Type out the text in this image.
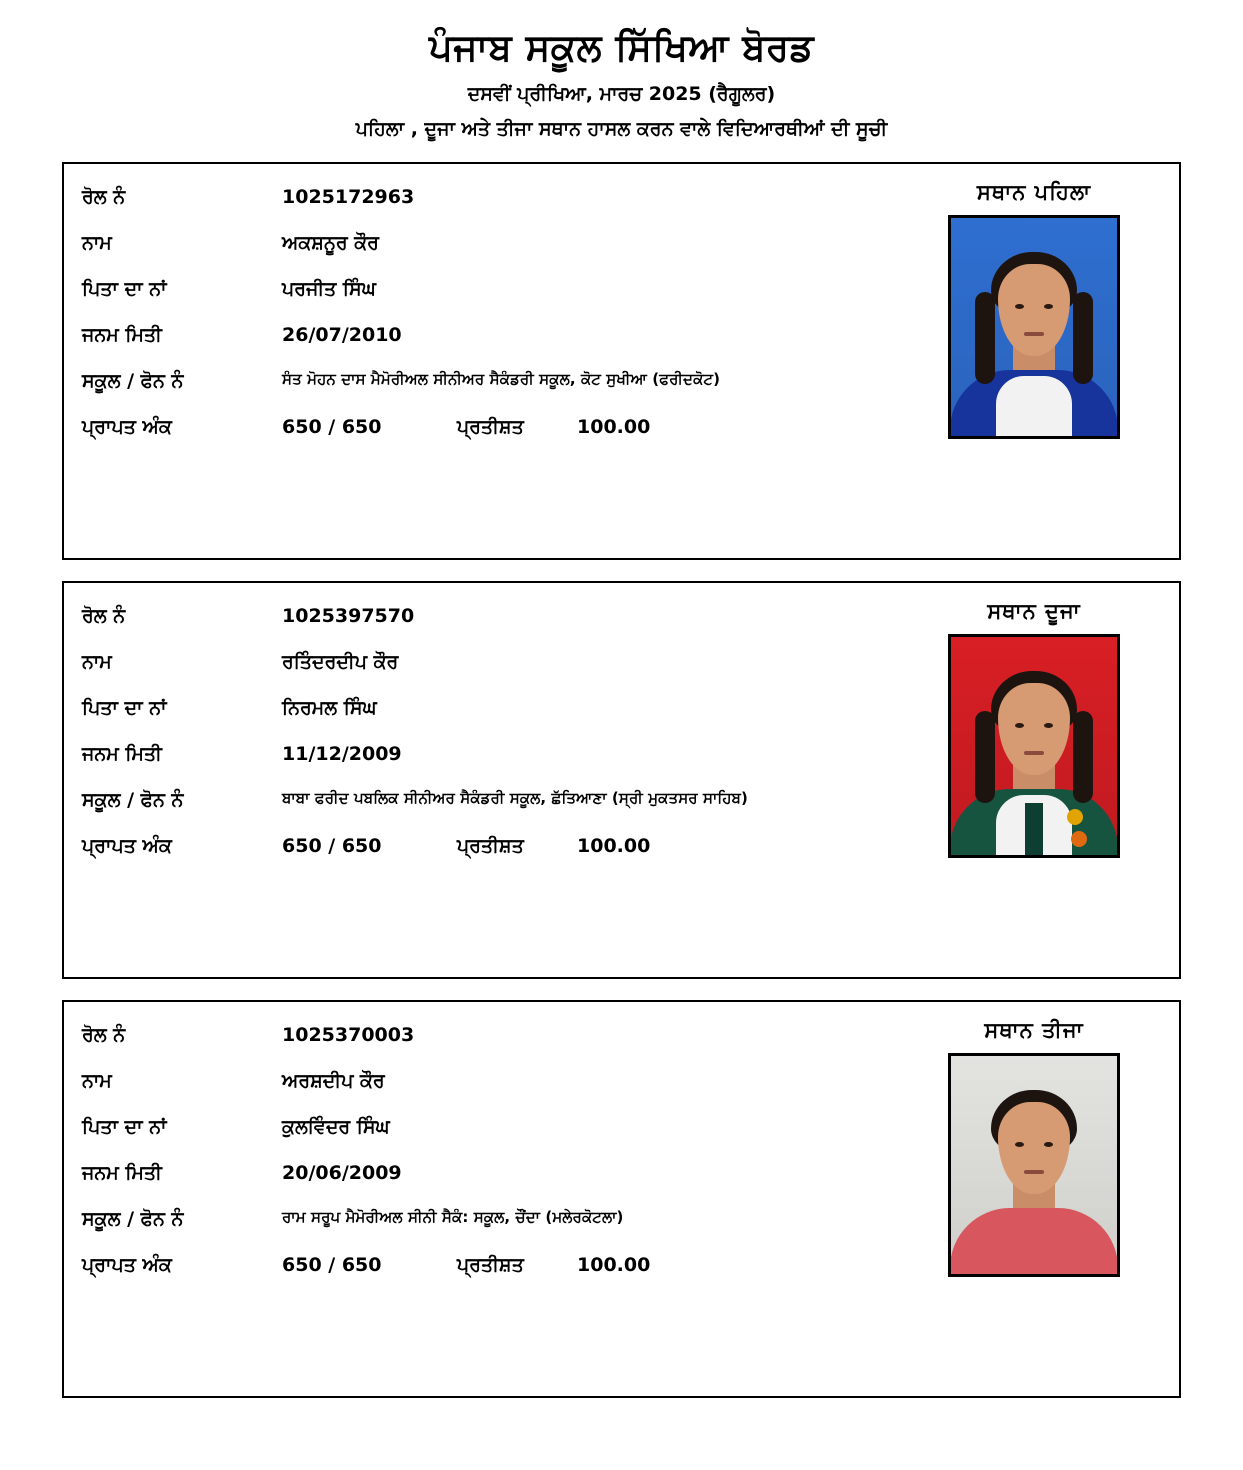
ਪੰਜਾਬ ਸਕੂਲ ਸਿੱਖਿਆ ਬੋਰਡ
ਦਸਵੀਂ ਪ੍ਰੀਖਿਆ, ਮਾਰਚ 2025 (ਰੈਗੂਲਰ)
ਪਹਿਲਾ , ਦੂਜਾ ਅਤੇ ਤੀਜਾ ਸਥਾਨ ਹਾਸਲ ਕਰਨ ਵਾਲੇ ਵਿਦਿਆਰਥੀਆਂ ਦੀ ਸੂਚੀ
ਰੋਲ ਨੰ	1025172963
ਨਾਮ	ਅਕਸ਼ਨੂਰ ਕੌਰ
ਪਿਤਾ ਦਾ ਨਾਂ	ਪਰਜੀਤ ਸਿੰਘ
ਜਨਮ ਮਿਤੀ	26/07/2010
ਸਕੂਲ / ਫੋਨ ਨੰ	ਸੰਤ ਮੋਹਨ ਦਾਸ ਮੈਮੋਰੀਅਲ ਸੀਨੀਅਰ ਸੈਕੰਡਰੀ ਸਕੂਲ, ਕੋਟ ਸੁਖੀਆ (ਫਰੀਦਕੋਟ)
ਪ੍ਰਾਪਤ ਅੰਕ	650 / 650	ਪ੍ਰਤੀਸ਼ਤ	100.00
ਸਥਾਨ ਪਹਿਲਾ
ਰੋਲ ਨੰ	1025397570
ਨਾਮ	ਰਤਿੰਦਰਦੀਪ ਕੌਰ
ਪਿਤਾ ਦਾ ਨਾਂ	ਨਿਰਮਲ ਸਿੰਘ
ਜਨਮ ਮਿਤੀ	11/12/2009
ਸਕੂਲ / ਫੋਨ ਨੰ	ਬਾਬਾ ਫਰੀਦ ਪਬਲਿਕ ਸੀਨੀਅਰ ਸੈਕੰਡਰੀ ਸਕੂਲ, ਛੱਤਿਆਣਾ (ਸ੍ਰੀ ਮੁਕਤਸਰ ਸਾਹਿਬ)
ਪ੍ਰਾਪਤ ਅੰਕ	650 / 650	ਪ੍ਰਤੀਸ਼ਤ	100.00
ਸਥਾਨ ਦੂਜਾ
ਰੋਲ ਨੰ	1025370003
ਨਾਮ	ਅਰਸ਼ਦੀਪ ਕੌਰ
ਪਿਤਾ ਦਾ ਨਾਂ	ਕੁਲਵਿੰਦਰ ਸਿੰਘ
ਜਨਮ ਮਿਤੀ	20/06/2009
ਸਕੂਲ / ਫੋਨ ਨੰ	ਰਾਮ ਸਰੂਪ ਮੈਮੋਰੀਅਲ ਸੀਨੀ ਸੈਕੰ: ਸਕੂਲ, ਚੌਂਦਾ (ਮਲੇਰਕੋਟਲਾ)
ਪ੍ਰਾਪਤ ਅੰਕ	650 / 650	ਪ੍ਰਤੀਸ਼ਤ	100.00
ਸਥਾਨ ਤੀਜਾ
